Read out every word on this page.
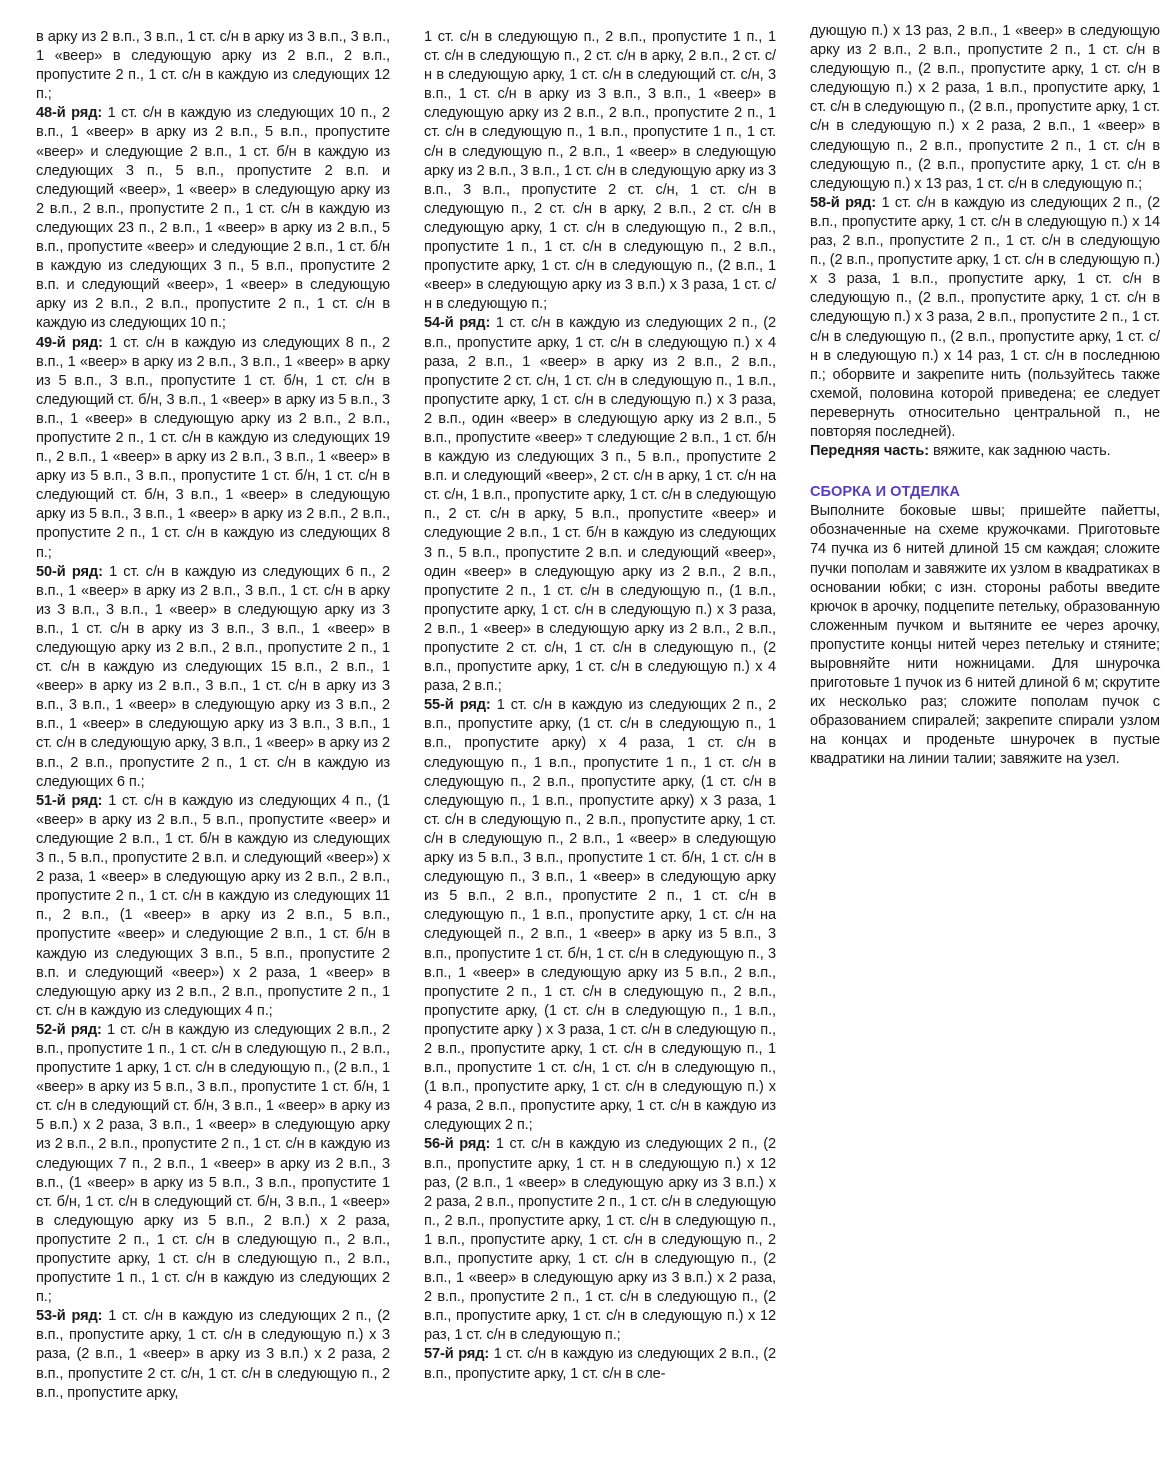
в арку из 2 в.п., 3 в.п., 1 ст. с/н в арку из 3 в.п., 3 в.п., 1 «веер» в следующую арку из 2 в.п., 2 в.п., пропустите 2 п., 1 ст. с/н в каждую из следующих 12 п.;

48-й ряд: 1 ст. с/н в каждую из следующих 10 п., 2 в.п., 1 «веер» в арку из 2 в.п., 5 в.п., пропустите «веер» и следующие 2 в.п., 1 ст. б/н в каждую из следующих 3 п., 5 в.п., пропустите 2 в.п. и следующий «веер», 1 «веер» в следующую арку из 2 в.п., 2 в.п., пропустите 2 п., 1 ст. с/н в каждую из следующих 23 п., 2 в.п., 1 «веер» в арку из 2 в.п., 5 в.п., пропустите «веер» и следующие 2 в.п., 1 ст. б/н в каждую из следующих 3 п., 5 в.п., пропустите 2 в.п. и следующий «веер», 1 «веер» в следующую арку из 2 в.п., 2 в.п., пропустите 2 п., 1 ст. с/н в каждую из следующих 10 п.;

49-й ряд: 1 ст. с/н в каждую из следующих 8 п., 2 в.п., 1 «веер» в арку из 2 в.п., 3 в.п., 1 «веер» в арку из 5 в.п., 3 в.п., пропустите 1 ст. б/н, 1 ст. с/н в следующий ст. б/н, 3 в.п., 1 «веер» в арку из 5 в.п., 3 в.п., 1 «веер» в следующую арку из 2 в.п., 2 в.п., пропустите 2 п., 1 ст. с/н в каждую из следующих 19 п., 2 в.п., 1 «веер» в арку из 2 в.п., 3 в.п., 1 «веер» в арку из 5 в.п., 3 в.п., пропустите 1 ст. б/н, 1 ст. с/н в следующий ст. б/н, 3 в.п., 1 «веер» в следующую арку из 5 в.п., 3 в.п., 1 «веер» в арку из 2 в.п., 2 в.п., пропустите 2 п., 1 ст. с/н в каждую из следующих 8 п.;

50-й ряд: 1 ст. с/н в каждую из следующих 6 п., 2 в.п., 1 «веер» в арку из 2 в.п., 3 в.п., 1 ст. с/н в арку из 3 в.п., 3 в.п., 1 «веер» в следующую арку из 3 в.п., 1 ст. с/н в арку из 3 в.п., 3 в.п., 1 «веер» в следующую арку из 2 в.п., 2 в.п., пропустите 2 п., 1 ст. с/н в каждую из следующих 15 в.п., 2 в.п., 1 «веер» в арку из 2 в.п., 3 в.п., 1 ст. с/н в арку из 3 в.п., 3 в.п., 1 «веер» в следующую арку из 3 в.п., 2 в.п., 1 «веер» в следующую арку из 3 в.п., 3 в.п., 1 ст. с/н в следующую арку, 3 в.п., 1 «веер» в арку из 2 в.п., 2 в.п., пропустите 2 п., 1 ст. с/н в каждую из следующих 6 п.;

51-й ряд: 1 ст. с/н в каждую из следующих 4 п., (1 «веер» в арку из 2 в.п., 5 в.п., пропустите «веер» и следующие 2 в.п., 1 ст. б/н в каждую из следующих 3 п., 5 в.п., пропустите 2 в.п. и следующий «веер») х 2 раза, 1 «веер» в следующую арку из 2 в.п., 2 в.п., пропустите 2 п., 1 ст. с/н в каждую из следующих 11 п., 2 в.п., (1 «веер» в арку из 2 в.п., 5 в.п., пропустите «веер» и следующие 2 в.п., 1 ст. б/н в каждую из следующих 3 в.п., 5 в.п., пропустите 2 в.п. и следующий «веер») х 2 раза, 1 «веер» в следующую арку из 2 в.п., 2 в.п., пропустите 2 п., 1 ст. с/н в каждую из следующих 4 п.;

52-й ряд: 1 ст. с/н в каждую из следующих 2 в.п., 2 в.п., пропустите 1 п., 1 ст. с/н в следующую п., 2 в.п., пропустите 1 арку, 1 ст. с/н в следующую п., (2 в.п., 1 «веер» в арку из 5 в.п., 3 в.п., пропустите 1 ст. б/н, 1 ст. с/н в следующий ст. б/н, 3 в.п., 1 «веер» в арку из 5 в.п.) х 2 раза, 3 в.п., 1 «веер» в следующую арку из 2 в.п., 2 в.п., пропустите 2 п., 1 ст. с/н в каждую из следующих 7 п., 2 в.п., 1 «веер» в арку из 2 в.п., 3 в.п., (1 «веер» в арку из 5 в.п., 3 в.п., пропустите 1 ст. б/н, 1 ст. с/н в следующий ст. б/н, 3 в.п., 1 «веер» в следующую арку из 5 в.п., 2 в.п.) х 2 раза, пропустите 2 п., 1 ст. с/н в следующую п., 2 в.п., пропустите арку, 1 ст. с/н в следующую п., 2 в.п., пропустите 1 п., 1 ст. с/н в каждую из следующих 2 п.;

53-й ряд: 1 ст. с/н в каждую из следующих 2 п., (2 в.п., пропустите арку, 1 ст. с/н в следующую п.) х 3 раза, (2 в.п., 1 «веер» в арку из 3 в.п.) х 2 раза, 2 в.п., пропустите 2 ст. с/н, 1 ст. с/н в следующую п., 2 в.п., пропустите арку,

1 ст. с/н в следующую п., 2 в.п., пропустите 1 п., 1 ст. с/н в следующую п., 2 ст. с/н в арку, 2 в.п., 2 ст. с/н в следующую арку, 1 ст. с/н в следующий ст. с/н, 3 в.п., 1 ст. с/н в арку из 3 в.п., 3 в.п., 1 «веер» в следующую арку из 2 в.п., 2 в.п., пропустите 2 п., 1 ст. с/н в следующую п., 1 в.п., пропустите 1 п., 1 ст. с/н в следующую п., 2 в.п., 1 «веер» в следующую арку из 2 в.п., 3 в.п., 1 ст. с/н в следующую арку из 3 в.п., 3 в.п., пропустите 2 ст. с/н, 1 ст. с/н в следующую п., 2 ст. с/н в арку, 2 в.п., 2 ст. с/н в следующую арку, 1 ст. с/н в следующую п., 2 в.п., пропустите 1 п., 1 ст. с/н в следующую п., 2 в.п., пропустите арку, 1 ст. с/н в следующую п., (2 в.п., 1 «веер» в следующую арку из 3 в.п.) х 3 раза, 1 ст. с/н в следующую п.;

54-й ряд: 1 ст. с/н в каждую из следующих 2 п., (2 в.п., пропустите арку, 1 ст. с/н в следующую п.) х 4 раза, 2 в.п., 1 «веер» в арку из 2 в.п., 2 в.п., пропустите 2 ст. с/н, 1 ст. с/н в следующую п., 1 в.п., пропустите арку, 1 ст. с/н в следующую п.) х 3 раза, 2 в.п., один «веер» в следующую арку из 2 в.п., 5 в.п., пропустите «веер» т следующие 2 в.п., 1 ст. б/н в каждую из следующих 3 п., 5 в.п., пропустите 2 в.п. и следующий «веер», 2 ст. с/н в арку, 1 ст. с/н на ст. с/н, 1 в.п., пропустите арку, 1 ст. с/н в следующую п., 2 ст. с/н в арку, 5 в.п., пропустите «веер» и следующие 2 в.п., 1 ст. б/н в каждую из следующих 3 п., 5 в.п., пропустите 2 в.п. и следующий «веер», один «веер» в следующую арку из 2 в.п., 2 в.п., пропустите 2 п., 1 ст. с/н в следующую п., (1 в.п., пропустите арку, 1 ст. с/н в следующую п.) х 3 раза, 2 в.п., 1 «веер» в следующую арку из 2 в.п., 2 в.п., пропустите 2 ст. с/н, 1 ст. с/н в следующую п., (2 в.п., пропустите арку, 1 ст. с/н в следующую п.) х 4 раза, 2 в.п.;

55-й ряд: 1 ст. с/н в каждую из следующих 2 п., 2 в.п., пропустите арку, (1 ст. с/н в следующую п., 1 в.п., пропустите арку) х 4 раза, 1 ст. с/н в следующую п., 1 в.п., пропустите 1 п., 1 ст. с/н в следующую п., 2 в.п., пропустите арку, (1 ст. с/н в следующую п., 1 в.п., пропустите арку) х 3 раза, 1 ст. с/н в следующую п., 2 в.п., пропустите арку, 1 ст. с/н в следующую п., 2 в.п., 1 «веер» в следующую арку из 5 в.п., 3 в.п., пропустите 1 ст. б/н, 1 ст. с/н в следующую п., 3 в.п., 1 «веер» в следующую арку из 5 в.п., 2 в.п., пропустите 2 п., 1 ст. с/н в следующую п., 1 в.п., пропустите арку, 1 ст. с/н на следующей п., 2 в.п., 1 «веер» в арку из 5 в.п., 3 в.п., пропустите 1 ст. б/н, 1 ст. с/н в следующую п., 3 в.п., 1 «веер» в следующую арку из 5 в.п., 2 в.п., пропустите 2 п., 1 ст. с/н в следующую п., 2 в.п., пропустите арку, (1 ст. с/н в следующую п., 1 в.п., пропустите арку ) х 3 раза, 1 ст. с/н в следующую п., 2 в.п., пропустите арку, 1 ст. с/н в следующую п., 1 в.п., пропустите 1 ст. с/н, 1 ст. с/н в следующую п., (1 в.п., пропустите арку, 1 ст. с/н в следующую п.) х 4 раза, 2 в.п., пропустите арку, 1 ст. с/н в каждую из следующих 2 п.;

56-й ряд: 1 ст. с/н в каждую из следующих 2 п., (2 в.п., пропустите арку, 1 ст. н в следующую п.) х 12 раз, (2 в.п., 1 «веер» в следующую арку из 3 в.п.) х 2 раза, 2 в.п., пропустите 2 п., 1 ст. с/н в следующую п., 2 в.п., пропустите арку, 1 ст. с/н в следующую п., 1 в.п., пропустите арку, 1 ст. с/н в следующую п., 2 в.п., пропустите арку, 1 ст. с/н в следующую п., (2 в.п., 1 «веер» в следующую арку из 3 в.п.) х 2 раза, 2 в.п., пропустите 2 п., 1 ст. с/н в следующую п., (2 в.п., пропустите арку, 1 ст. с/н в следующую п.) х 12 раз, 1 ст. с/н в следующую п.;

57-й ряд: 1 ст. с/н в каждую из следующих 2 в.п., (2 в.п., пропустите арку, 1 ст. с/н в сле-

дующую п.) х 13 раз, 2 в.п., 1 «веер» в следующую арку из 2 в.п., 2 в.п., пропустите 2 п., 1 ст. с/н в следующую п., (2 в.п., пропустите арку, 1 ст. с/н в следующую п.) х 2 раза, 1 в.п., пропустите арку, 1 ст. с/н в следующую п., (2 в.п., пропустите арку, 1 ст. с/н в следующую п.) х 2 раза, 2 в.п., 1 «веер» в следующую п., 2 в.п., пропустите 2 п., 1 ст. с/н в следующую п., (2 в.п., пропустите арку, 1 ст. с/н в следующую п.) х 13 раз, 1 ст. с/н в следующую п.;

58-й ряд: 1 ст. с/н в каждую из следующих 2 п., (2 в.п., пропустите арку, 1 ст. с/н в следующую п.) х 14 раз, 2 в.п., пропустите 2 п., 1 ст. с/н в следующую п., (2 в.п., пропустите арку, 1 ст. с/н в следующую п.) х 3 раза, 1 в.п., пропустите арку, 1 ст. с/н в следующую п., (2 в.п., пропустите арку, 1 ст. с/н в следующую п.) х 3 раза, 2 в.п., пропустите 2 п., 1 ст. с/н в следующую п., (2 в.п., пропустите арку, 1 ст. с/н в следующую п.) х 14 раз, 1 ст. с/н в последнюю п.; оборвите и закрепите нить (пользуйтесь также схемой, половина которой приведена; ее следует перевернуть относительно центральной п., не повторяя последней).

Передняя часть: вяжите, как заднюю часть.

СБОРКА И ОТДЕЛКА

Выполните боковые швы; пришейте пайетты, обозначенные на схеме кружочками. Приготовьте 74 пучка из 6 нитей длиной 15 см каждая; сложите пучки пополам и завяжите их узлом в квадратиках в основании юбки; с изн. стороны работы введите крючок в арочку, подцепите петельку, образованную сложенным пучком и вытяните ее через арочку, пропустите концы нитей через петельку и стяните; выровняйте нити ножницами. Для шнурочка приготовьте 1 пучок из 6 нитей длиной 6 м; скрутите их несколько раз; сложите пополам пучок с образованием спиралей; закрепите спирали узлом на концах и проденьте шнурочек в пустые квадратики на линии талии; завяжите на узел.
